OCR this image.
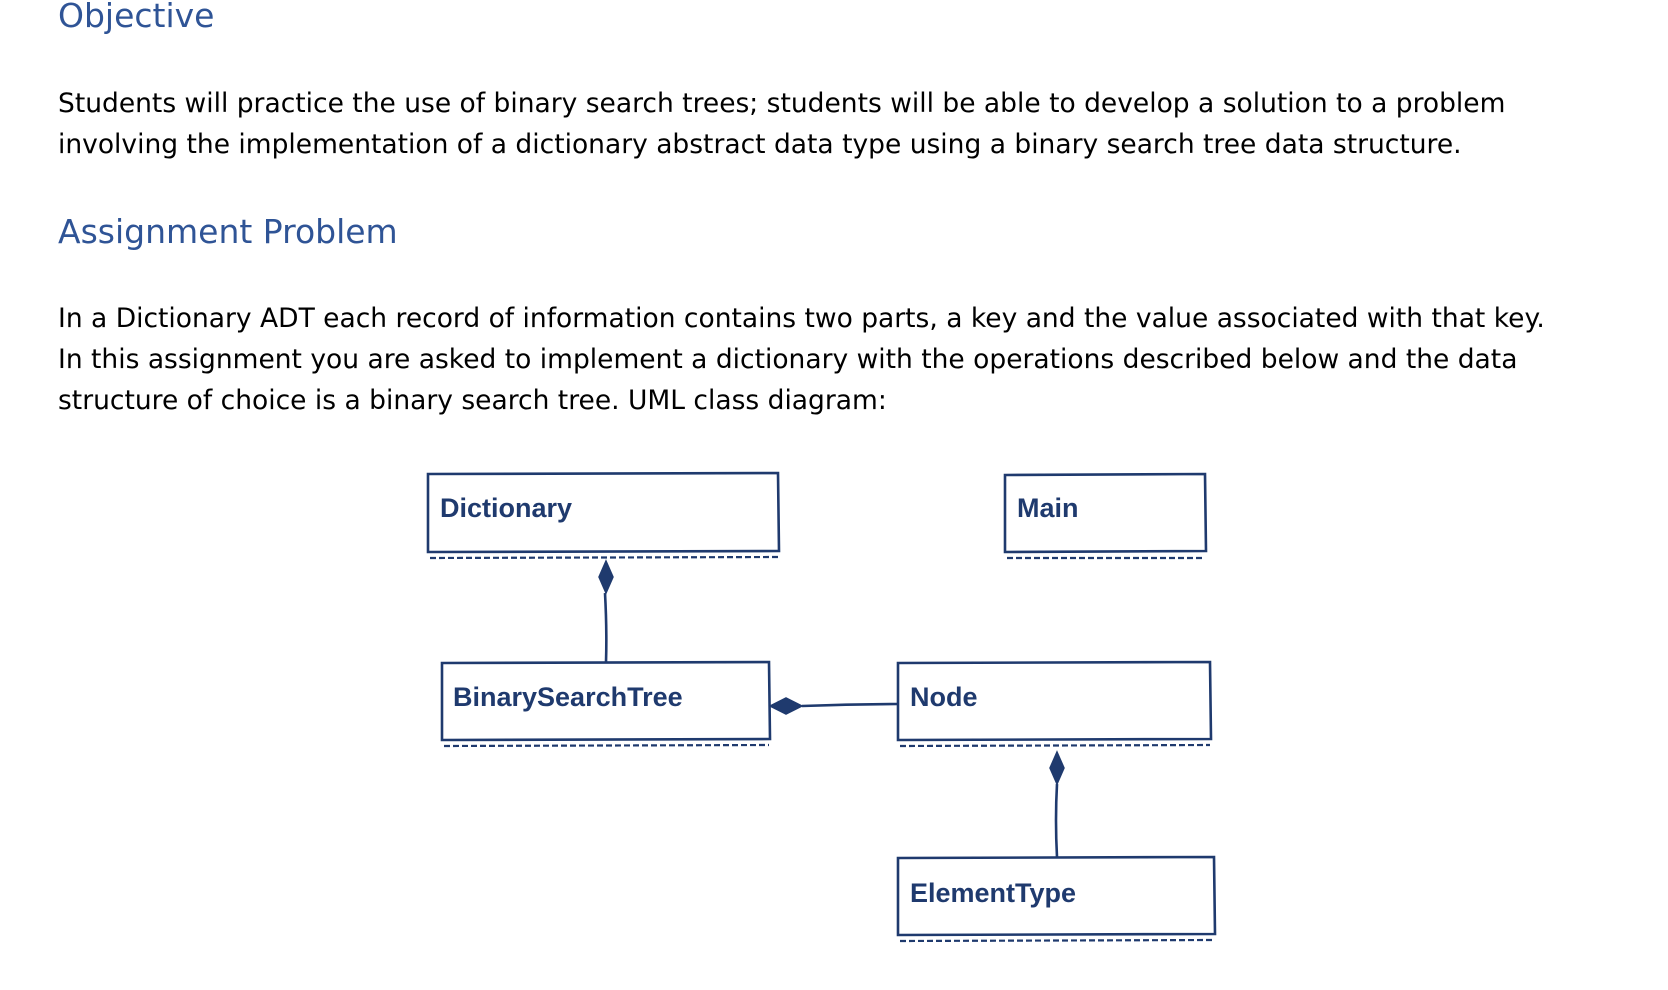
Objective

Students will practice the use of binary search trees; students will be able to develop a solution to a problem
involving the implementation of a dictionary abstract data type using a binary search tree data structure.

Assignment Problem

In a Dictionary ADT each record of information contains two parts, a key and the value associated with that key.
In this assignment you are asked to implement a dictionary with the operations described below and the data
structure of choice is a binary search tree. UML class diagram:

Dictionary	Main
BinarySearchTree	Node
ElementType
